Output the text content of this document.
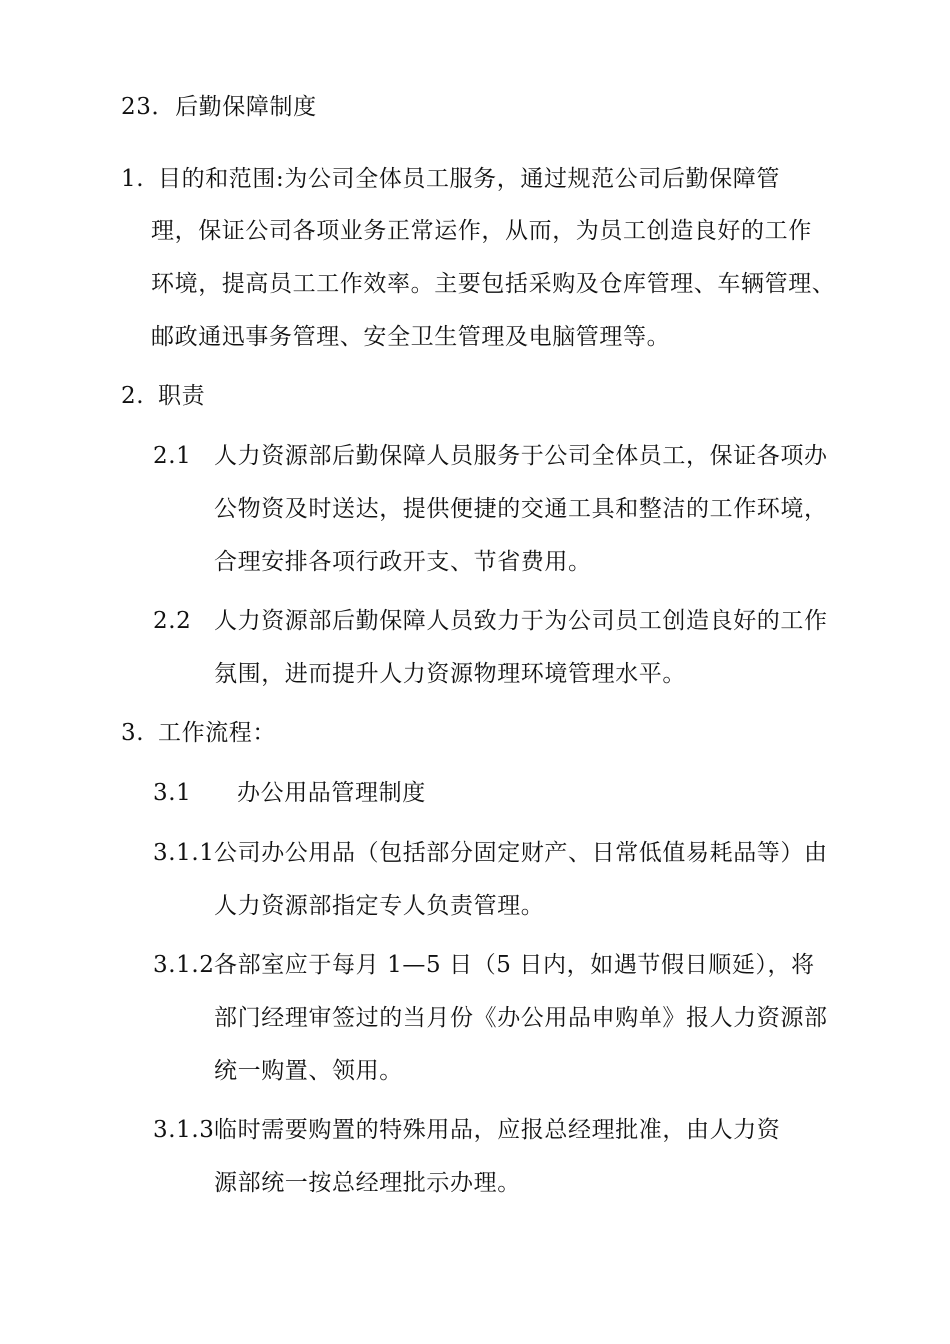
23．后勤保障制度
1. 目的和范围:为公司全体员工服务，通过规范公司后勤保障管
理，保证公司各项业务正常运作，从而，为员工创造良好的工作
环境，提高员工工作效率。主要包括采购及仓库管理、车辆管理、
邮政通迅事务管理、安全卫生管理及电脑管理等。
2. 职责
2.1 人力资源部后勤保障人员服务于公司全体员工，保证各项办
公物资及时送达，提供便捷的交通工具和整洁的工作环境，
合理安排各项行政开支、节省费用。
2.2 人力资源部后勤保障人员致力于为公司员工创造良好的工作
氛围，进而提升人力资源物理环境管理水平。
3. 工作流程：
3.1 办公用品管理制度
3.1.1 公司办公用品（包括部分固定财产、日常低值易耗品等）由
人力资源部指定专人负责管理。
3.1.2 各部室应于每月 1—5 日（5 日内，如遇节假日顺延），将
部门经理审签过的当月份《办公用品申购单》报人力资源部
统一购置、领用。
3.1.3 临时需要购置的特殊用品，应报总经理批准，由人力资
源部统一按总经理批示办理。
